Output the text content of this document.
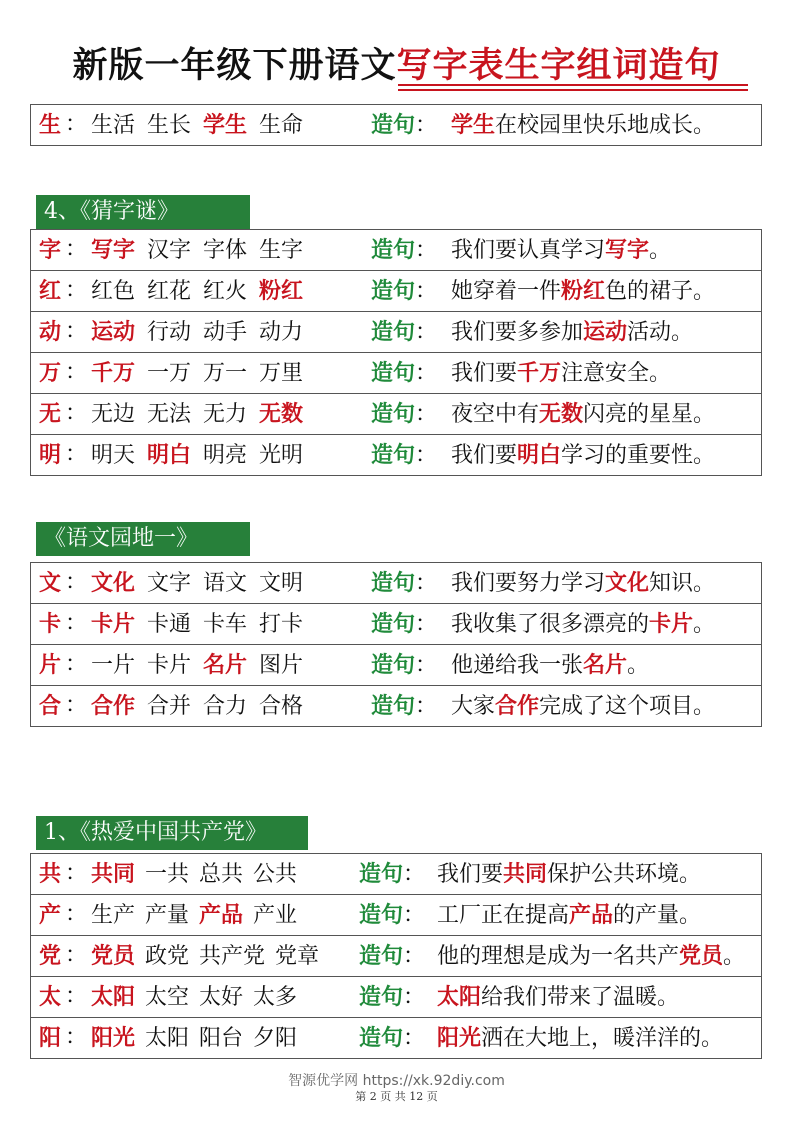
新版一年级下册语文写字表生字组词造句
生 ： 生活 生长 学生 生命	造句： 学生在校园里快乐地成长。
4、《猜字谜》
字 ： 写字 汉字 字体 生字	造句： 我们要认真学习写字。
红 ： 红色 红花 红火 粉红	造句： 她穿着一件粉红色的裙子。
动 ： 运动 行动 动手 动力	造句： 我们要多参加运动活动。
万 ： 千万 一万 万一 万里	造句： 我们要千万注意安全。
无 ： 无边 无法 无力 无数	造句： 夜空中有无数闪亮的星星。
明 ： 明天 明白 明亮 光明	造句： 我们要明白学习的重要性。
《语文园地一》
文 ： 文化 文字 语文 文明	造句： 我们要努力学习文化知识。
卡 ： 卡片 卡通 卡车 打卡	造句： 我收集了很多漂亮的卡片。
片 ： 一片 卡片 名片 图片	造句： 他递给我一张名片。
合 ： 合作 合并 合力 合格	造句： 大家合作完成了这个项目。
1、《热爱中国共产党》
共 ： 共同 一共 总共 公共	造句： 我们要共同保护公共环境。
产 ： 生产 产量 产品 产业	造句： 工厂正在提高产品的产量。
党 ： 党员 政党 共产党 党章	造句： 他的理想是成为一名共产党员。
太 ： 太阳 太空 太好 太多	造句： 太阳给我们带来了温暖。
阳 ： 阳光 太阳 阳台 夕阳	造句： 阳光洒在大地上，暖洋洋的。
智源优学网 https://xk.92diy.com
第 2 页 共 12 页
